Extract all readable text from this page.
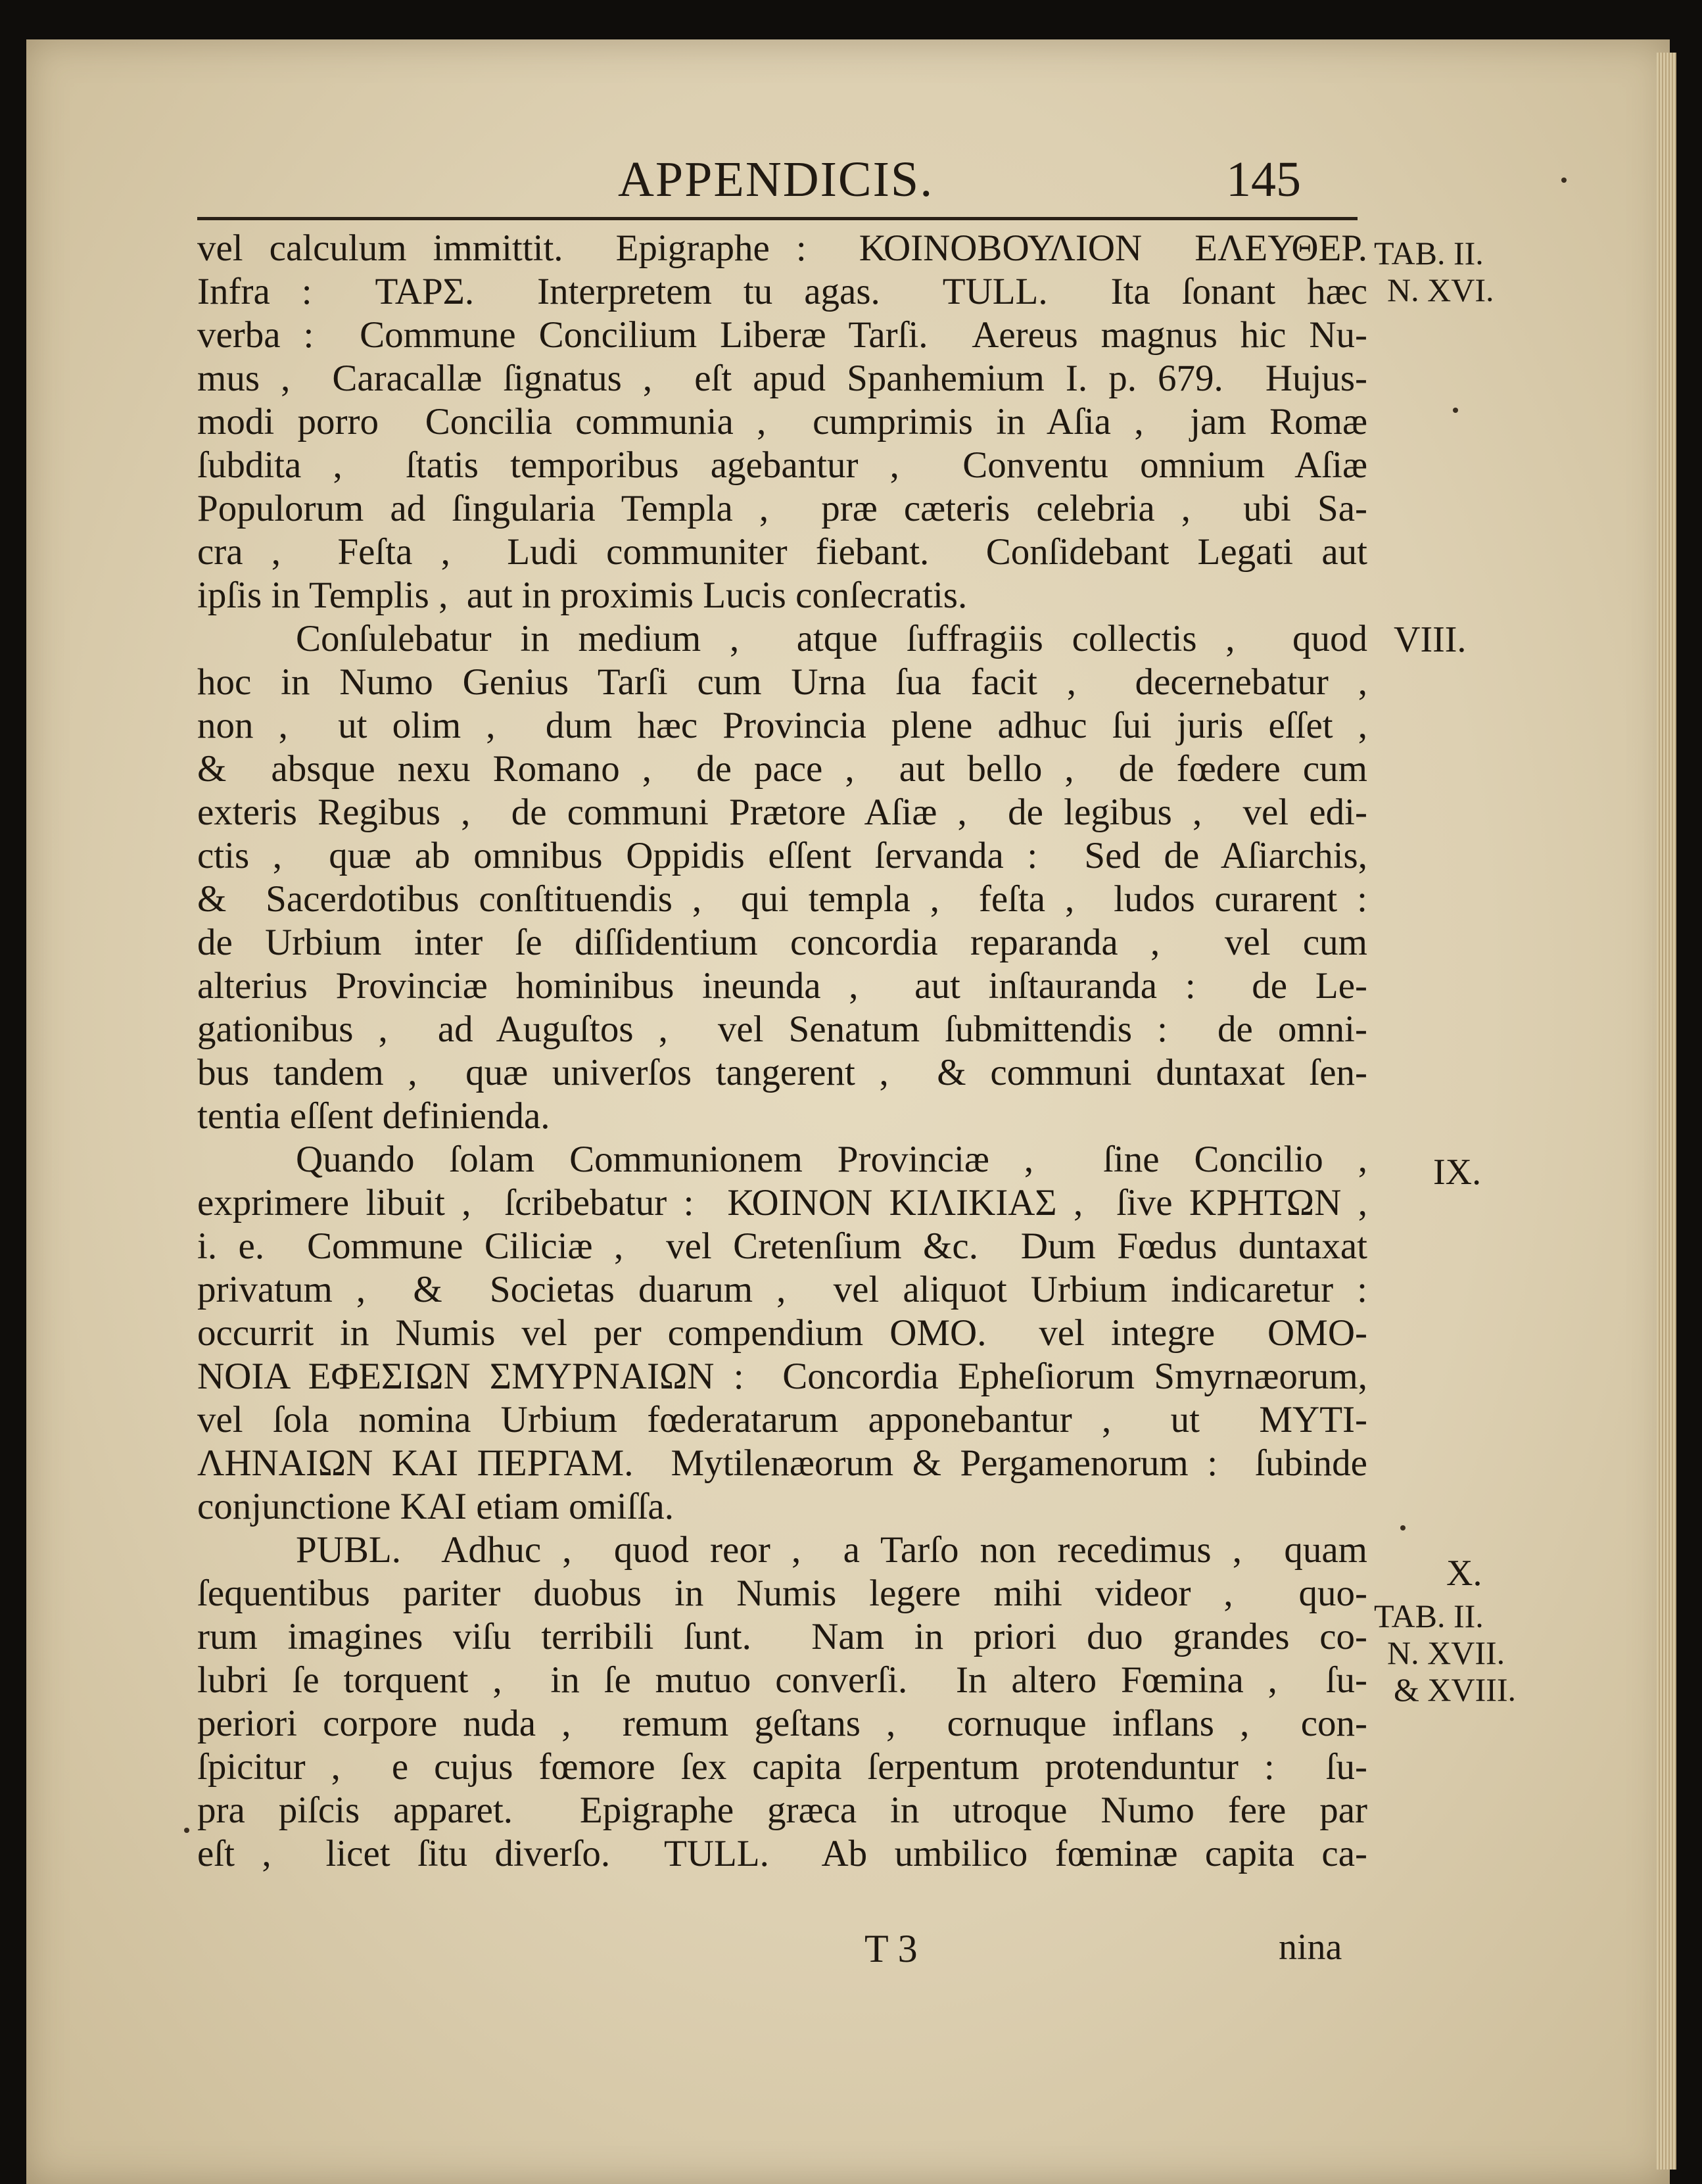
APPENDICIS.	145
vel calculum immittit.  Epigraphe :  ΚΟΙΝΟΒΟΥΛΙΟΝ  ΕΛΕΥΘΕΡ.
Infra :  ΤΑΡΣ.  Interpretem tu agas.  TULL.  Ita ſonant hæc
verba :  Commune Concilium Liberæ Tarſi.  Aereus magnus hic Nu-
mus ,  Caracallæ ſignatus ,  eſt apud Spanhemium I. p. 679.  Hujus-
modi porro  Concilia communia ,  cumprimis in Aſia ,  jam Romæ
ſubdita ,  ſtatis temporibus agebantur ,  Conventu omnium Aſiæ
Populorum ad ſingularia Templa ,  præ cæteris celebria ,  ubi Sa-
cra ,  Feſta ,  Ludi communiter fiebant.  Conſidebant Legati aut
ipſis in Templis ,  aut in proximis Lucis conſecratis.
Conſulebatur in medium ,  atque ſuffragiis collectis ,  quod
hoc in Numo Genius Tarſi cum Urna ſua facit ,  decernebatur ,
non ,  ut olim ,  dum hæc Provincia plene adhuc ſui juris eſſet ,
&  absque nexu Romano ,  de pace ,  aut bello ,  de fœdere cum
exteris Regibus ,  de communi Prætore Aſiæ ,  de legibus ,  vel edi-
ctis ,  quæ ab omnibus Oppidis eſſent ſervanda :  Sed de Aſiarchis,
&  Sacerdotibus conſtituendis ,  qui templa ,  feſta ,  ludos curarent :
de Urbium inter ſe diſſidentium concordia reparanda ,  vel cum
alterius Provinciæ hominibus ineunda ,  aut inſtauranda :  de Le-
gationibus ,  ad Auguſtos ,  vel Senatum ſubmittendis :  de omni-
bus tandem ,  quæ univerſos tangerent ,  & communi duntaxat ſen-
tentia eſſent definienda.
Quando ſolam Communionem Provinciæ ,  ſine Concilio ,
exprimere libuit ,  ſcribebatur :  ΚΟΙΝΟΝ ΚΙΛΙΚΙΑΣ ,  ſive ΚΡΗΤΩΝ ,
i. e.  Commune Ciliciæ ,  vel Cretenſium &c.  Dum Fœdus duntaxat
privatum ,  &  Societas duarum ,  vel aliquot Urbium indicaretur :
occurrit in Numis vel per compendium ΟΜΟ.  vel integre  ΟΜΟ-
ΝΟΙΑ ΕΦΕΣΙΩΝ ΣΜΥΡΝΑΙΩΝ :  Concordia Epheſiorum Smyrnæorum,
vel ſola nomina Urbium fœderatarum apponebantur ,  ut  ΜΥΤΙ-
ΛΗΝΑΙΩΝ ΚΑΙ ΠΕΡΓΑΜ.  Mytilenæorum & Pergamenorum :  ſubinde
conjunctione ΚΑΙ etiam omiſſa.
PUBL.  Adhuc ,  quod reor ,  a Tarſo non recedimus ,  quam
ſequentibus pariter duobus in Numis legere mihi videor ,  quo-
rum imagines viſu terribili ſunt.  Nam in priori duo grandes co-
lubri ſe torquent ,  in ſe mutuo converſi.  In altero Fœmina ,  ſu-
periori corpore nuda ,  remum geſtans ,  cornuque inflans ,  con-
ſpicitur ,  e cujus fœmore ſex capita ſerpentum protenduntur :  ſu-
pra piſcis apparet.  Epigraphe græca in utroque Numo fere par
eſt ,  licet ſitu diverſo.  TULL.  Ab umbilico fœminæ capita ca-
TAB. II.
N. XVI.
VIII.
IX.
X.
TAB. II.
N. XVII.
& XVIII.
T 3	nina
